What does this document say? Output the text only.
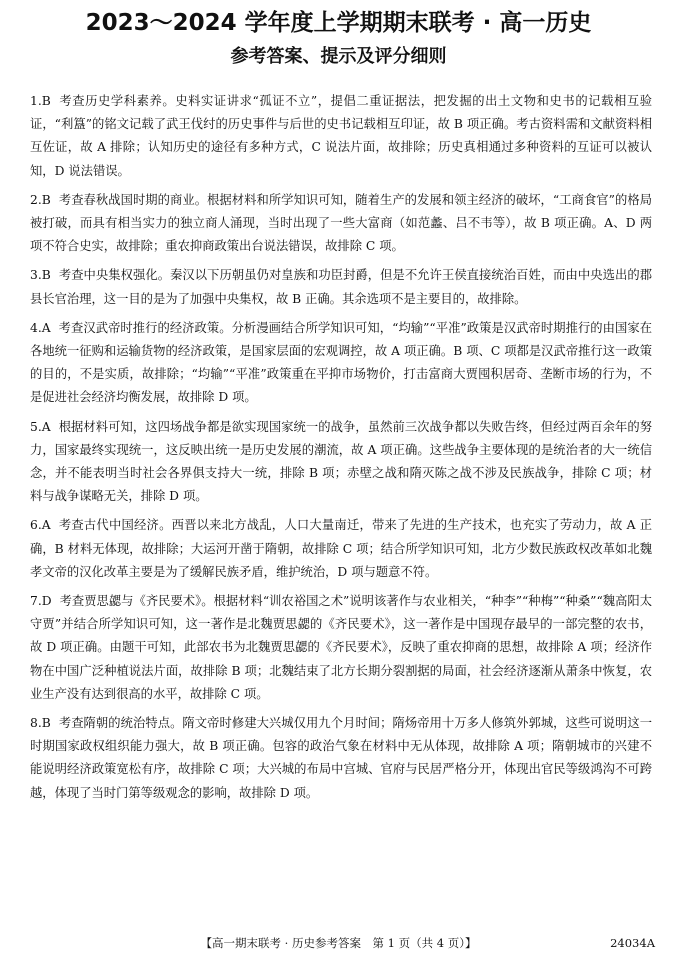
2023～2024 学年度上学期期末联考 · 高一历史
参考答案、提示及评分细则

1.B 考查历史学科素养。史料实证讲求“孤证不立”，提倡二重证据法，把发掘的出土文物和史书的记载相互验证，“利簋”的铭文记载了武王伐纣的历史事件与后世的史书记载相互印证，故 B 项正确。考古资料需和文献资料相互佐证，故 A 排除；认知历史的途径有多种方式，C 说法片面，故排除；历史真相通过多种资料的互证可以被认知，D 说法错误。

2.B 考查春秋战国时期的商业。根据材料和所学知识可知，随着生产的发展和领主经济的破坏，“工商食官”的格局被打破，而具有相当实力的独立商人涌现，当时出现了一些大富商（如范蠡、吕不韦等），故 B 项正确。A、D 两项不符合史实，故排除；重农抑商政策出台说法错误，故排除 C 项。

3.B 考查中央集权强化。秦汉以下历朝虽仍对皇族和功臣封爵，但是不允许王侯直接统治百姓，而由中央选出的郡县长官治理，这一目的是为了加强中央集权，故 B 正确。其余选项不是主要目的，故排除。

4.A 考查汉武帝时推行的经济政策。分析漫画结合所学知识可知，“均输”“平准”政策是汉武帝时期推行的由国家在各地统一征购和运输货物的经济政策，是国家层面的宏观调控，故 A 项正确。B 项、C 项都是汉武帝推行这一政策的目的，不是实质，故排除；“均输”“平准”政策重在平抑市场物价，打击富商大贾囤积居奇、垄断市场的行为，不是促进社会经济均衡发展，故排除 D 项。

5.A 根据材料可知，这四场战争都是欲实现国家统一的战争，虽然前三次战争都以失败告终，但经过两百余年的努力，国家最终实现统一，这反映出统一是历史发展的潮流，故 A 项正确。这些战争主要体现的是统治者的大一统信念，并不能表明当时社会各界俱支持大一统，排除 B 项；赤壁之战和隋灭陈之战不涉及民族战争，排除 C 项；材料与战争谋略无关，排除 D 项。

6.A 考查古代中国经济。西晋以来北方战乱，人口大量南迁，带来了先进的生产技术，也充实了劳动力，故 A 正确，B 材料无体现，故排除；大运河开凿于隋朝，故排除 C 项；结合所学知识可知，北方少数民族政权改革如北魏孝文帝的汉化改革主要是为了缓解民族矛盾，维护统治，D 项与题意不符。

7.D 考查贾思勰与《齐民要术》。根据材料“训农裕国之术”说明该著作与农业相关，“种李”“种梅”“种桑”“魏高阳太守贾”并结合所学知识可知，这一著作是北魏贾思勰的《齐民要术》，这一著作是中国现存最早的一部完整的农书，故 D 项正确。由题干可知，此部农书为北魏贾思勰的《齐民要术》，反映了重农抑商的思想，故排除 A 项；经济作物在中国广泛种植说法片面，故排除 B 项；北魏结束了北方长期分裂割据的局面，社会经济逐渐从萧条中恢复，农业生产没有达到很高的水平，故排除 C 项。

8.B 考查隋朝的统治特点。隋文帝时修建大兴城仅用九个月时间；隋炀帝用十万多人修筑外郭城，这些可说明这一时期国家政权组织能力强大，故 B 项正确。包容的政治气象在材料中无从体现，故排除 A 项；隋朝城市的兴建不能说明经济政策宽松有序，故排除 C 项；大兴城的布局中宫城、官府与民居严格分开，体现出官民等级鸿沟不可跨越，体现了当时门第等级观念的影响，故排除 D 项。

【高一期末联考 · 历史参考答案　第 1 页（共 4 页）】	24034A
